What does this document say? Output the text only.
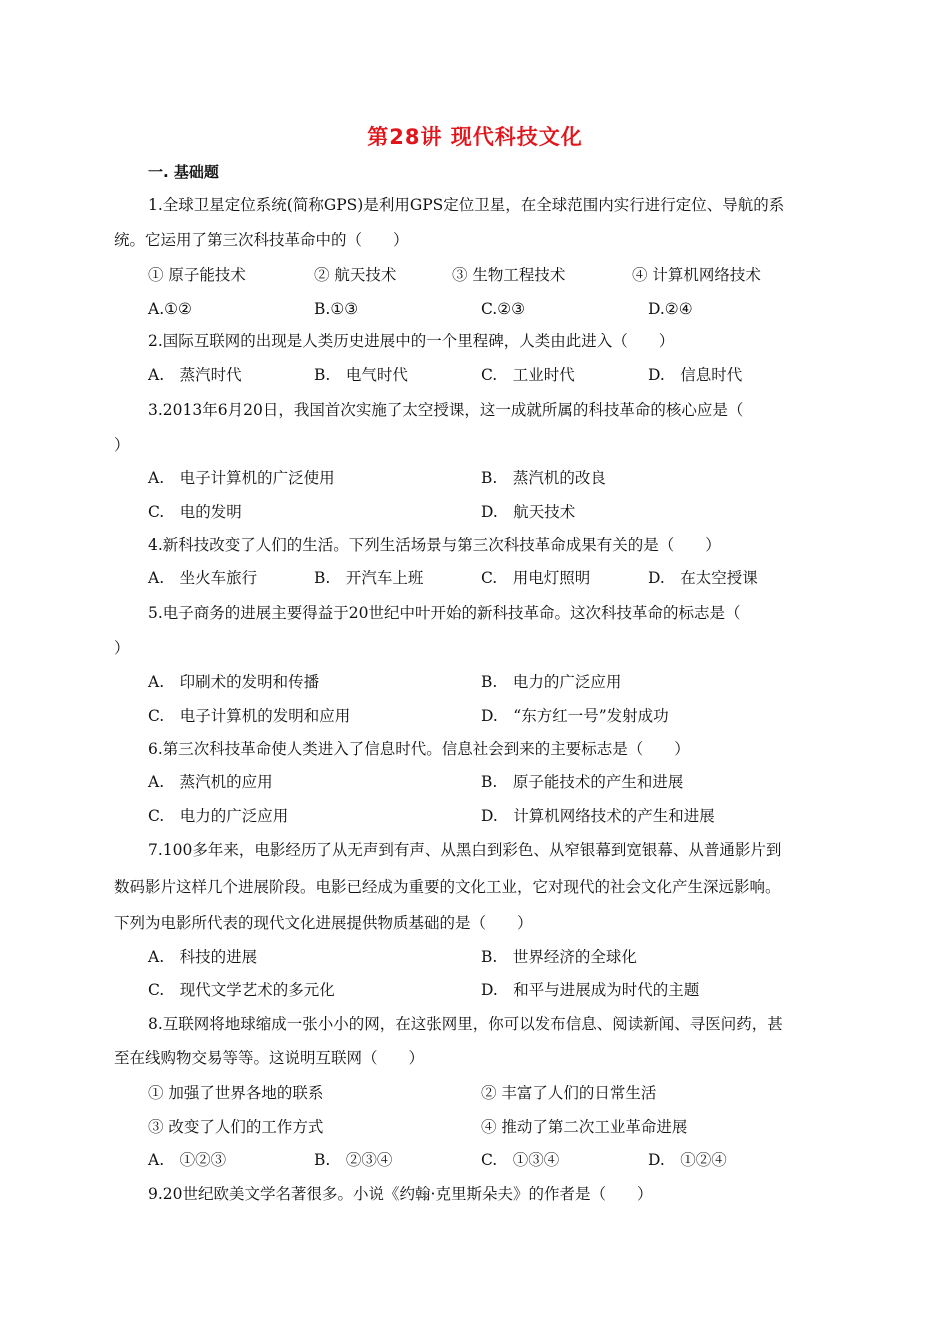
第28讲 现代科技文化
一. 基础题
1.全球卫星定位系统(简称GPS)是利用GPS定位卫星，在全球范围内实行进行定位、导航的系
统。它运用了第三次科技革命中的（　　）
① 原子能技术	② 航天技术	③ 生物工程技术	④ 计算机网络技术
A.①②	B.①③	C.②③	D.②④
2.国际互联网的出现是人类历史进展中的一个里程碑，人类由此进入（　　）
A.　蒸汽时代	B.　电气时代	C.　工业时代	D.　信息时代
3.2013年6月20日，我国首次实施了太空授课，这一成就所属的科技革命的核心应是（
）
A.　电子计算机的广泛使用	B.　蒸汽机的改良
C.　电的发明	D.　航天技术
4.新科技改变了人们的生活。下列生活场景与第三次科技革命成果有关的是（　　）
A.　坐火车旅行	B.　开汽车上班	C.　用电灯照明	D.　在太空授课
5.电子商务的进展主要得益于20世纪中叶开始的新科技革命。这次科技革命的标志是（
）
A.　印刷术的发明和传播	B.　电力的广泛应用
C.　电子计算机的发明和应用	D.　“东方红一号”发射成功
6.第三次科技革命使人类进入了信息时代。信息社会到来的主要标志是（　　）
A.　蒸汽机的应用	B.　原子能技术的产生和进展
C.　电力的广泛应用	D.　计算机网络技术的产生和进展
7.100多年来，电影经历了从无声到有声、从黑白到彩色、从窄银幕到宽银幕、从普通影片到
数码影片这样几个进展阶段。电影已经成为重要的文化工业，它对现代的社会文化产生深远影响。
下列为电影所代表的现代文化进展提供物质基础的是（　　）
A.　科技的进展	B.　世界经济的全球化
C.　现代文学艺术的多元化	D.　和平与进展成为时代的主题
8.互联网将地球缩成一张小小的网，在这张网里，你可以发布信息、阅读新闻、寻医问药，甚
至在线购物交易等等。这说明互联网（　　）
① 加强了世界各地的联系	② 丰富了人们的日常生活
③ 改变了人们的工作方式	④ 推动了第二次工业革命进展
A.　①②③	B.　②③④	C.　①③④	D.　①②④
9.20世纪欧美文学名著很多。小说《约翰·克里斯朵夫》的作者是（　　）
